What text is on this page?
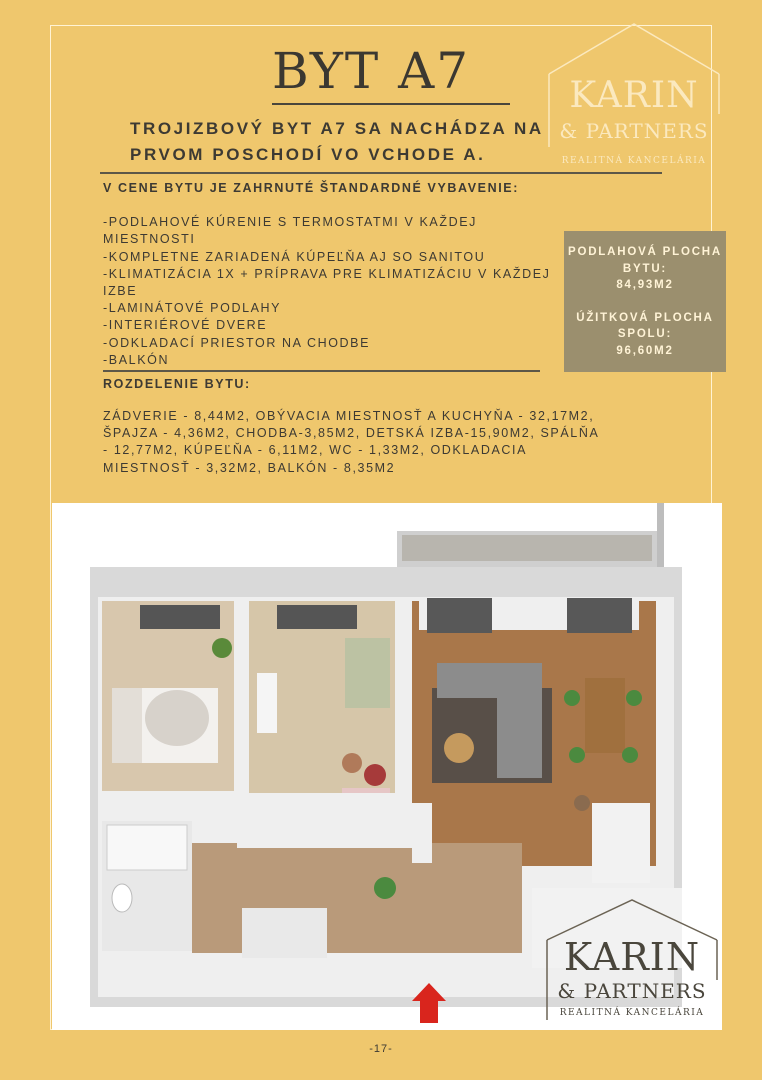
BYT A7
TROJIZBOVÝ BYT A7 SA NACHÁDZA NA PRVOM POSCHODÍ VO VCHODE A.
KARIN
& PARTNERS
REALITNÁ KANCELÁRIA
V CENE BYTU JE ZAHRNUTÉ ŠTANDARDNÉ VYBAVENIE:
-PODLAHOVÉ KÚRENIE S TERMOSTATMI V KAŽDEJ MIESTNOSTI
-KOMPLETNE ZARIADENÁ KÚPEĽŇA AJ SO SANITOU
-KLIMATIZÁCIA 1X + PRÍPRAVA PRE KLIMATIZÁCIU V KAŽDEJ IZBE
-LAMINÁTOVÉ PODLAHY
-INTERIÉROVÉ DVERE
-ODKLADACÍ PRIESTOR NA CHODBE
-BALKÓN
ROZDELENIE BYTU:
ZÁDVERIE - 8,44M2, OBÝVACIA MIESTNOSŤ A KUCHYŇA - 32,17M2, ŠPAJZA - 4,36M2, CHODBA-3,85M2, DETSKÁ IZBA-15,90M2, SPÁLŇA - 12,77M2, KÚPEĽŇA - 6,11M2, WC - 1,33M2, ODKLADACIA MIESTNOSŤ - 3,32M2, BALKÓN - 8,35M2
PODLAHOVÁ PLOCHA BYTU:
84,93M2
ÚŽITKOVÁ PLOCHA SPOLU:
96,60M2
KARIN
& PARTNERS
REALITNÁ KANCELÁRIA
-17-
